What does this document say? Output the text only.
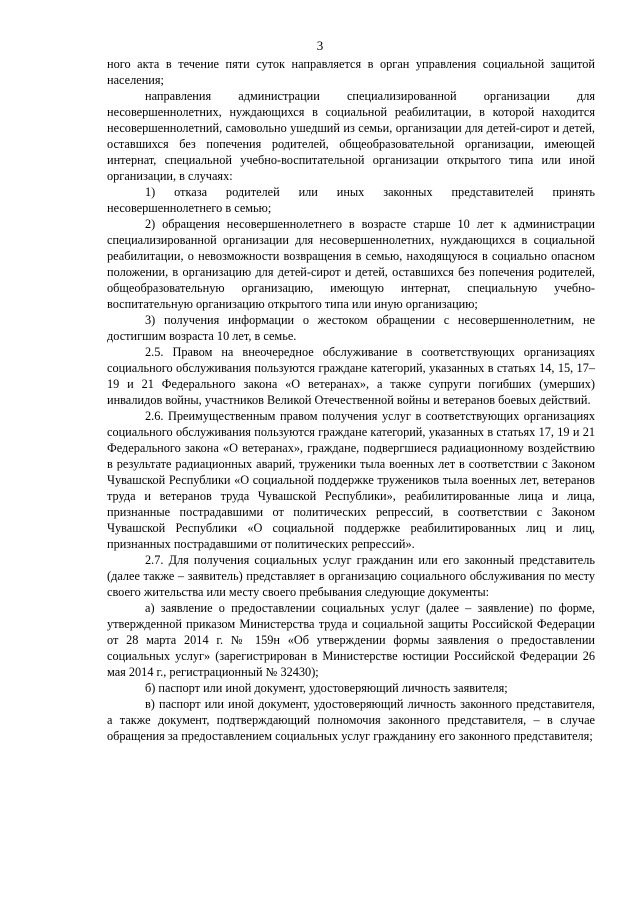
3

ного акта в течение пяти суток направляется в орган управления социальной защитой населения;

направления администрации специализированной организации для несовершеннолетних, нуждающихся в социальной реабилитации, в которой находится несовершеннолетний, самовольно ушедший из семьи, организации для детей-сирот и детей, оставшихся без попечения родителей, общеобразовательной организации, имеющей интернат, специальной учебно-воспитательной организации открытого типа или иной организации, в случаях:

1) отказа родителей или иных законных представителей принять несовершеннолетнего в семью;

2) обращения несовершеннолетнего в возрасте старше 10 лет к администрации специализированной организации для несовершеннолетних, нуждающихся в социальной реабилитации, о невозможности возвращения в семью, находящуюся в социально опасном положении, в организацию для детей-сирот и детей, оставшихся без попечения родителей, общеобразовательную организацию, имеющую интернат, специальную учебно-воспитательную организацию открытого типа или иную организацию;

3) получения информации о жестоком обращении с несовершеннолетним, не достигшим возраста 10 лет, в семье.

2.5. Правом на внеочередное обслуживание в соответствующих организациях социального обслуживания пользуются граждане категорий, указанных в статьях 14, 15, 17–19 и 21 Федерального закона «О ветеранах», а также супруги погибших (умерших) инвалидов войны, участников Великой Отечественной войны и ветеранов боевых действий.

2.6. Преимущественным правом получения услуг в соответствующих организациях социального обслуживания пользуются граждане категорий, указанных в статьях 17, 19 и 21 Федерального закона «О ветеранах», граждане, подвергшиеся радиационному воздействию в результате радиационных аварий, труженики тыла военных лет в соответствии с Законом Чувашской Республики «О социальной поддержке тружеников тыла военных лет, ветеранов труда и ветеранов труда Чувашской Республики», реабилитированные лица и лица, признанные пострадавшими от политических репрессий, в соответствии с Законом Чувашской Республики «О социальной поддержке реабилитированных лиц и лиц, признанных пострадавшими от политических репрессий».

2.7. Для получения социальных услуг гражданин или его законный представитель (далее также – заявитель) представляет в организацию социального обслуживания по месту своего жительства или месту своего пребывания следующие документы:

а) заявление о предоставлении социальных услуг (далее – заявление) по форме, утвержденной приказом Министерства труда и социальной защиты Российской Федерации от 28 марта 2014 г. № 159н «Об утверждении формы заявления о предоставлении социальных услуг» (зарегистрирован в Министерстве юстиции Российской Федерации 26 мая 2014 г., регистрационный № 32430);

б) паспорт или иной документ, удостоверяющий личность заявителя;

в) паспорт или иной документ, удостоверяющий личность законного представителя, а также документ, подтверждающий полномочия законного представителя, – в случае обращения за предоставлением социальных услуг гражданину его законного представителя;
